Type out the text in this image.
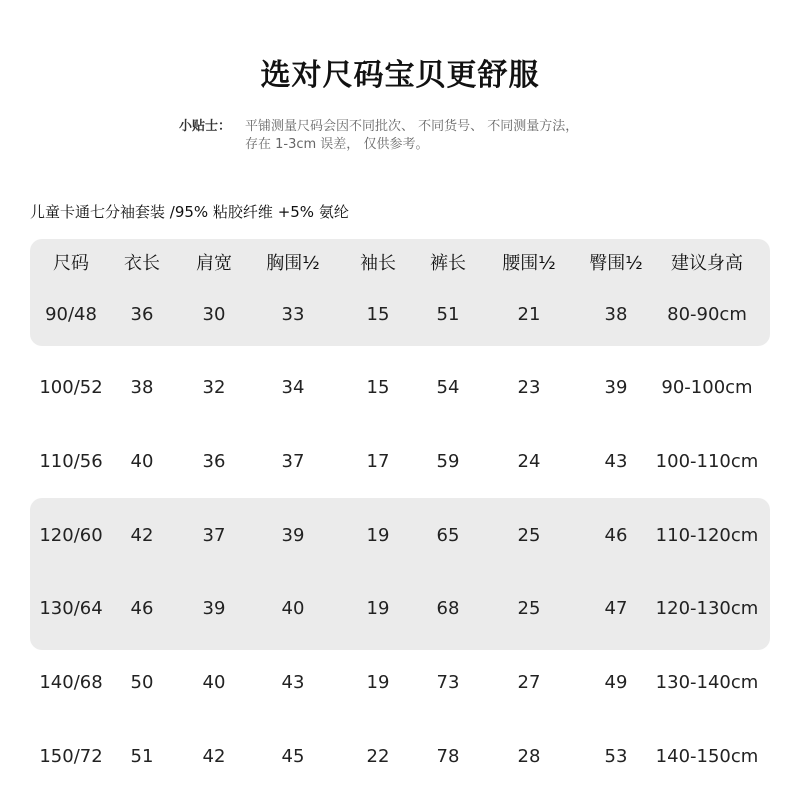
选对尺码宝贝更舒服
小贴士： 平铺测量尺码会因不同批次、 不同货号、 不同测量方法，
存在 1-3cm 误差， 仅供参考。
儿童卡通七分袖套装 /95% 粘胶纤维 +5% 氨纶
尺码 衣长 肩宽 胸围½ 袖长 裤长 腰围½ 臀围½ 建议身高
90/48 36	30	33	15	51	21	38 80-90cm
100/52 38	32	34	15	54	23	39 90-100cm
110/56 40	36	37	17	59	24	43 100-110cm
120/60 42	37	39	19	65	25	46 110-120cm
130/64 46	39	40	19	68	25	47 120-130cm
140/68 50	40	43	19	73	27	49 130-140cm
150/72 51	42	45	22	78	28	53 140-150cm
